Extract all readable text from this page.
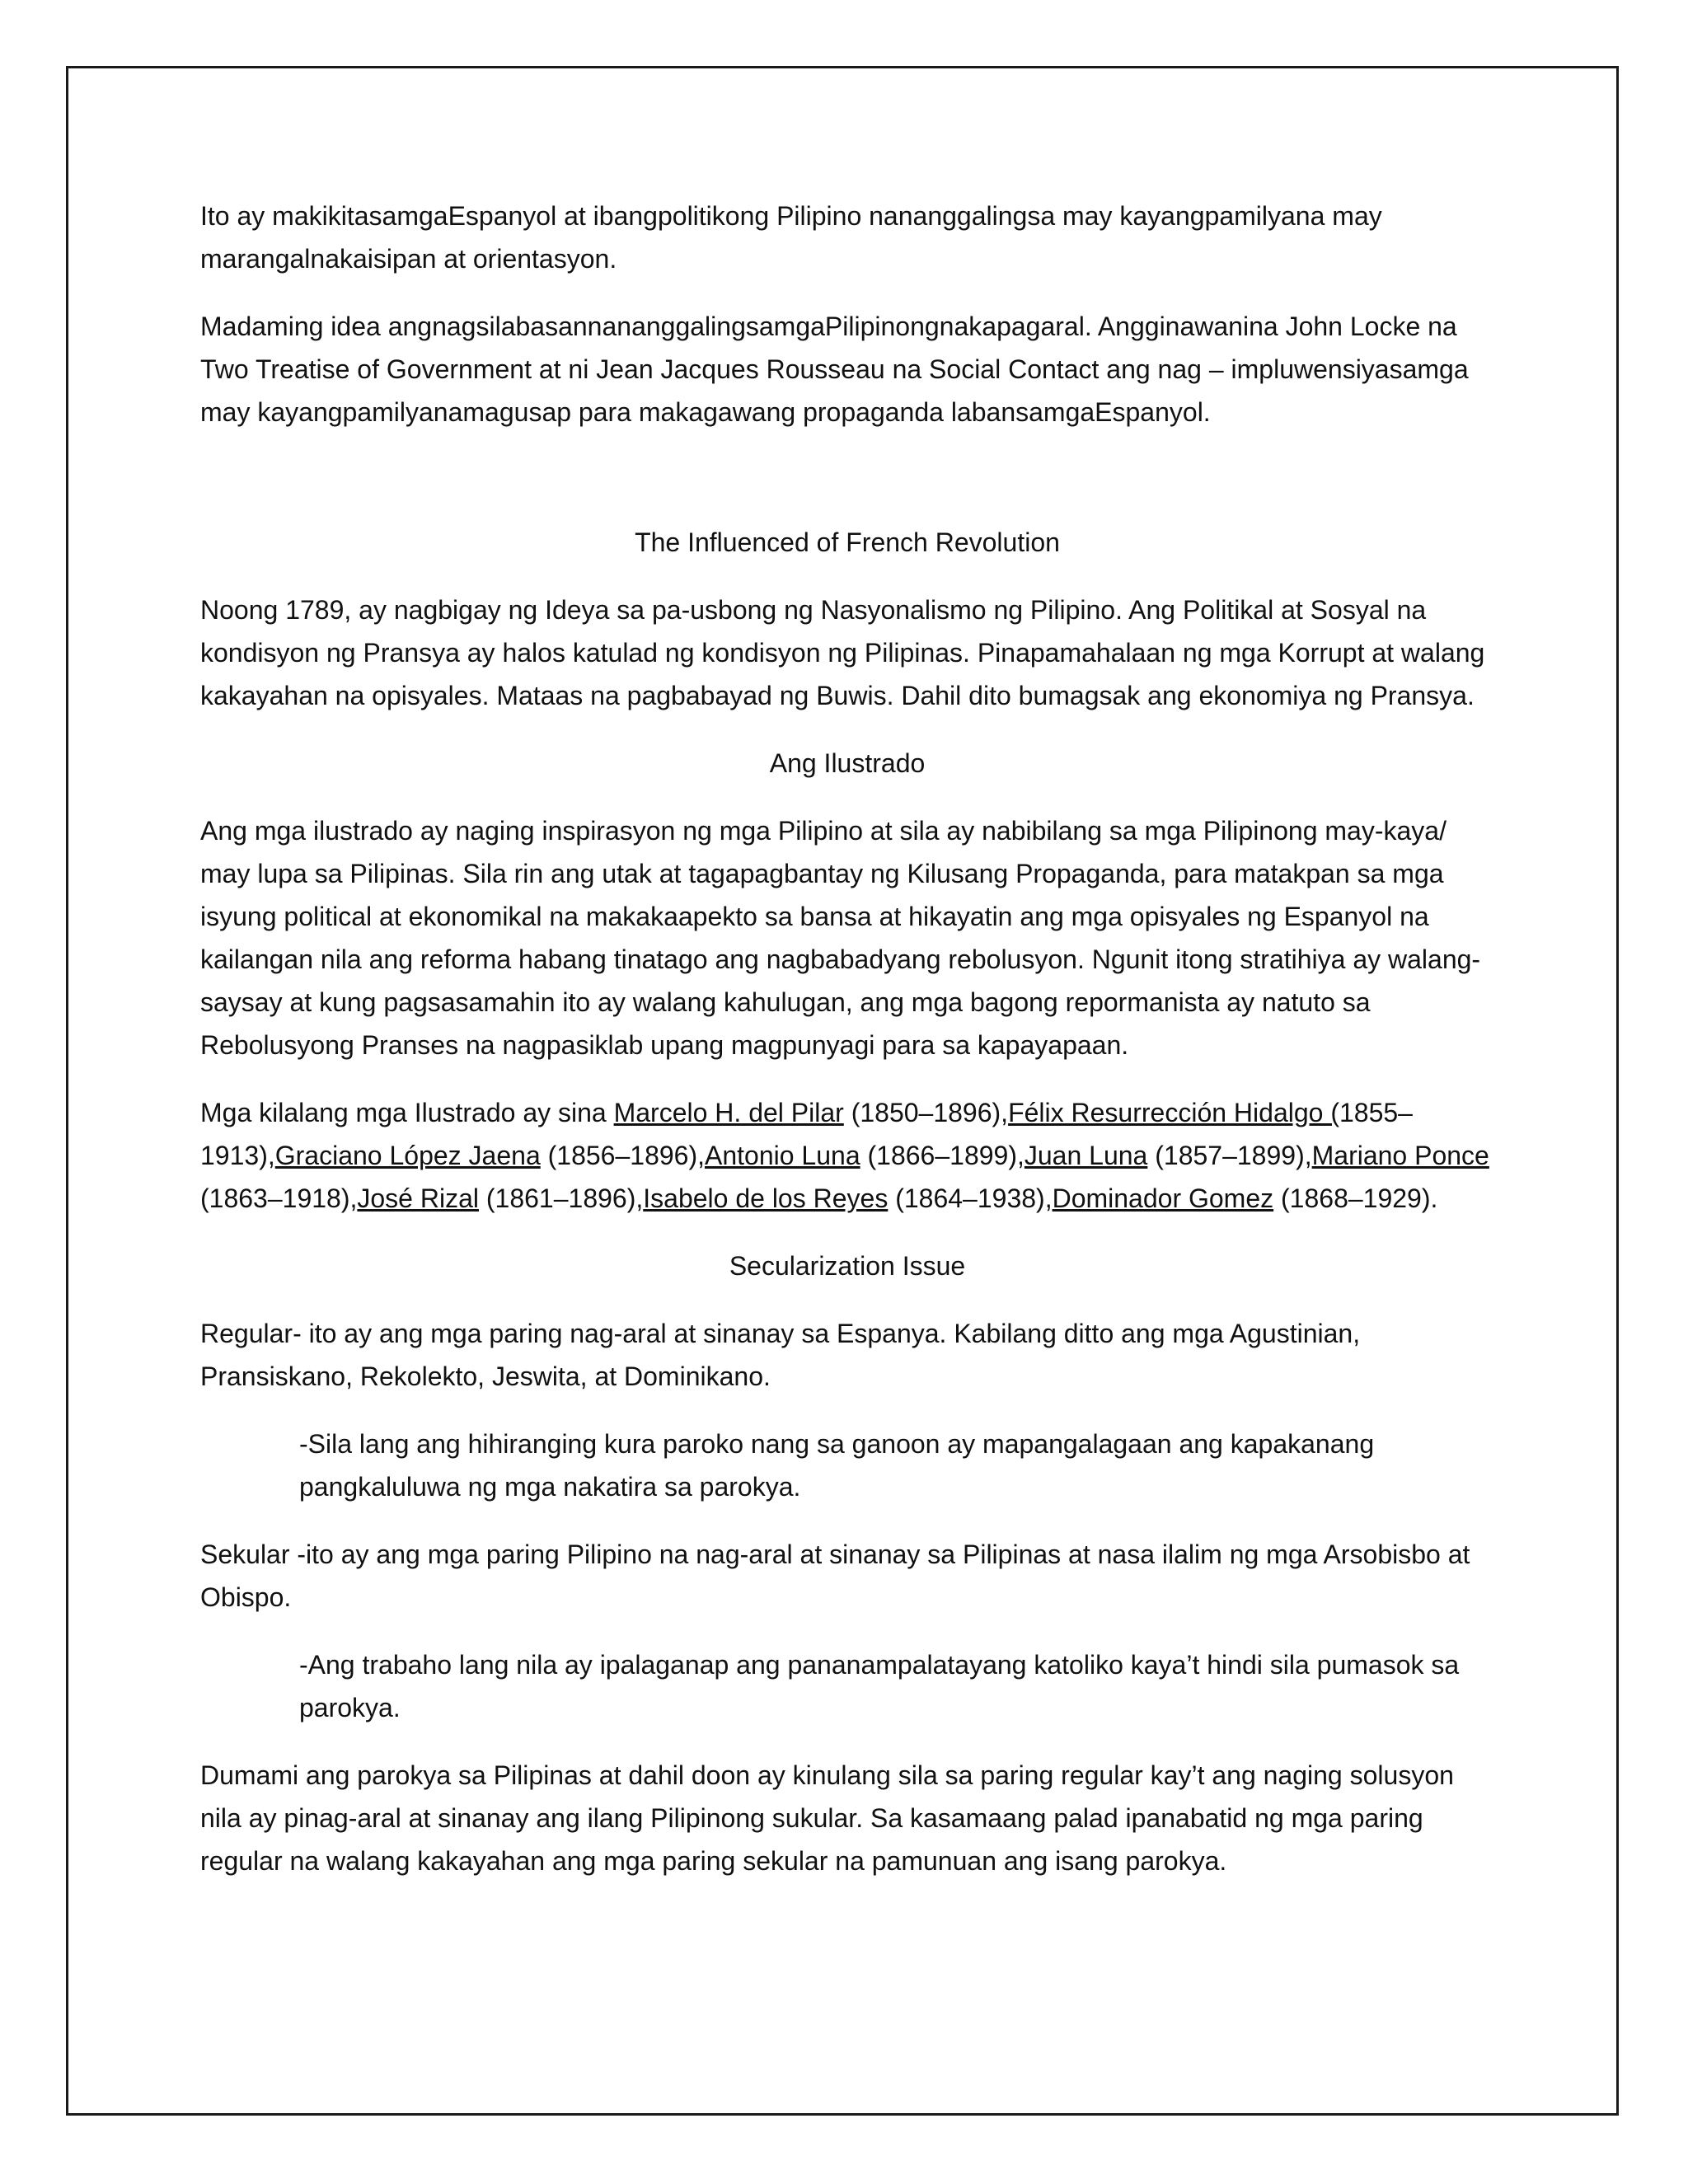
Ito ay makikitasamgaEspanyol at ibangpolitikong Pilipino nananggalingsa may kayangpamilyana may marangalnakaisipan at orientasyon.

Madaming idea angnagsilabasannananggalingsamgaPilipinongnakapagaral. Angginawanina John Locke na Two Treatise of Government at ni Jean Jacques Rousseau na Social Contact ang nag – impluwensiyasamga may kayangpamilyanamagusap para makagawang propaganda labansamgaEspanyol.

The Influenced of French Revolution

Noong 1789, ay nagbigay ng Ideya sa pa-usbong ng Nasyonalismo ng Pilipino. Ang Politikal at Sosyal na kondisyon ng Pransya ay halos katulad ng kondisyon ng Pilipinas. Pinapamahalaan ng mga Korrupt at walang kakayahan na opisyales. Mataas na pagbabayad ng Buwis. Dahil dito bumagsak ang ekonomiya ng Pransya.

Ang Ilustrado

Ang mga ilustrado ay naging inspirasyon ng mga Pilipino at sila ay nabibilang sa mga Pilipinong may-kaya/ may lupa sa Pilipinas. Sila rin ang utak at tagapagbantay ng Kilusang Propaganda, para matakpan sa mga isyung political at ekonomikal na makakaapekto sa bansa at hikayatin ang mga opisyales ng Espanyol na kailangan nila ang reforma habang tinatago ang nagbabadyang rebolusyon. Ngunit itong stratihiya ay walang- saysay at kung pagsasamahin ito ay walang kahulugan, ang mga bagong repormanista ay natuto sa Rebolusyong Pranses na nagpasiklab upang magpunyagi para sa kapayapaan.

Mga kilalang mga Ilustrado ay sina Marcelo H. del Pilar (1850–1896),Félix Resurrección Hidalgo (1855–1913),Graciano López Jaena (1856–1896),Antonio Luna (1866–1899),Juan Luna (1857–1899),Mariano Ponce (1863–1918),José Rizal (1861–1896),Isabelo de los Reyes (1864–1938),Dominador Gomez (1868–1929).

Secularization Issue

Regular- ito ay ang mga paring nag-aral at sinanay sa Espanya. Kabilang ditto ang mga Agustinian, Pransiskano, Rekolekto, Jeswita, at Dominikano.

-Sila lang ang hihiranging kura paroko nang sa ganoon ay mapangalagaan ang kapakanang pangkaluluwa ng mga nakatira sa parokya.

Sekular -ito ay ang mga paring Pilipino na nag-aral at sinanay sa Pilipinas at nasa ilalim ng mga Arsobisbo at Obispo.

-Ang trabaho lang nila ay ipalaganap ang pananampalatayang katoliko kaya’t hindi sila pumasok sa parokya.

Dumami ang parokya sa Pilipinas at dahil doon ay kinulang sila sa paring regular kay’t ang naging solusyon nila ay pinag-aral at sinanay ang ilang Pilipinong sukular. Sa kasamaang palad ipanabatid ng mga paring regular na walang kakayahan ang mga paring sekular na pamunuan ang isang parokya.
